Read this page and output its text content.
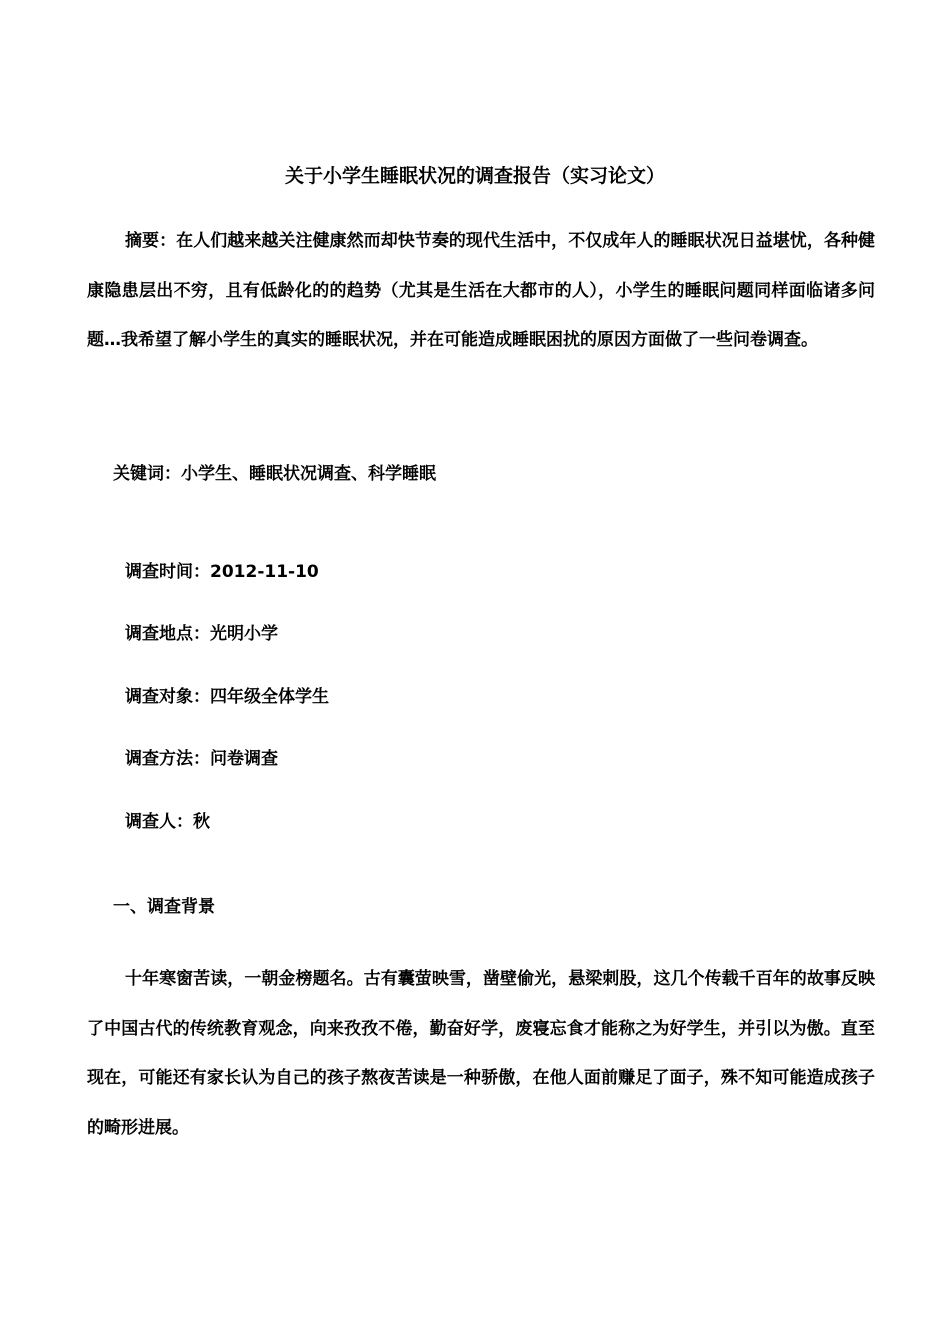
关于小学生睡眠状况的调查报告（实习论文）
摘要：在人们越来越关注健康然而却快节奏的现代生活中，不仅成年人的睡眠状况日益堪忧，各种健康隐患层出不穷，且有低龄化的的趋势（尤其是生活在大都市的人），小学生的睡眠问题同样面临诸多问题…我希望了解小学生的真实的睡眠状况，并在可能造成睡眠困扰的原因方面做了一些问卷调查。
关键词：小学生、睡眠状况调查、科学睡眠
调查时间：2012-11-10
调查地点：光明小学
调查对象：四年级全体学生
调查方法：问卷调查
调查人：秋
一、调查背景
十年寒窗苦读，一朝金榜题名。古有囊萤映雪，凿壁偷光，悬梁刺股，这几个传载千百年的故事反映了中国古代的传统教育观念，向来孜孜不倦，勤奋好学，废寝忘食才能称之为好学生，并引以为傲。直至现在，可能还有家长认为自己的孩子熬夜苦读是一种骄傲，在他人面前赚足了面子，殊不知可能造成孩子的畸形进展。
